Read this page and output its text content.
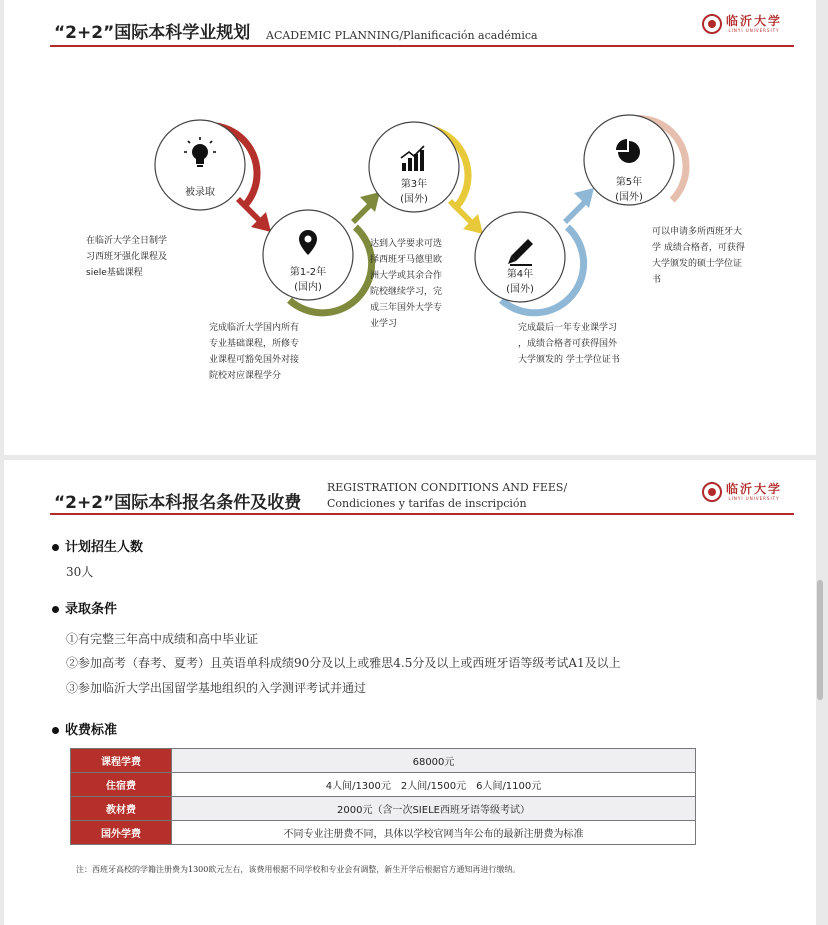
“2+2”国际本科学业规划 ACADEMIC PLANNING/Planificación académica
临沂大学
LINYI UNIVERSITY
被录取
第1-2年
(国内)
第3年
(国外)
第4年
(国外)
第5年
(国外)
在临沂大学全日制学
习西班牙强化课程及
siele基础课程
完成临沂大学国内所有
专业基础课程，所修专
业课程可豁免国外对接
院校对应课程学分
达到入学要求可选
择西班牙马德里欧
洲大学或其余合作
院校继续学习，完
成三年国外大学专
业学习	完成最后一年专业课学习
，成绩合格者可获得国外
大学颁发的 学士学位证书
可以申请多所西班牙大
学 成绩合格者，可获得
大学颁发的硕士学位证
书
“2+2”国际本科报名条件及收费
REGISTRATION CONDITIONS AND FEES/
Condiciones y tarifas de inscripción
临沂大学
LINYI UNIVERSITY
计划招生人数
30人
录取条件
①有完整三年高中成绩和高中毕业证
②参加高考（春考、夏考）且英语单科成绩90分及以上或雅思4.5分及以上或西班牙语等级考试A1及以上
③参加临沂大学出国留学基地组织的入学测评考试并通过
收费标准
课程学费	68000元
住宿费	4人间/1300元　2人间/1500元　6人间/1100元
教材费	2000元（含一次SIELE西班牙语等级考试）
国外学费	不同专业注册费不同，具体以学校官网当年公布的最新注册费为标准
注：西班牙高校的学籍注册费为1300欧元左右，该费用根据不同学校和专业会有调整，新生开学后根据官方通知再进行缴纳。
